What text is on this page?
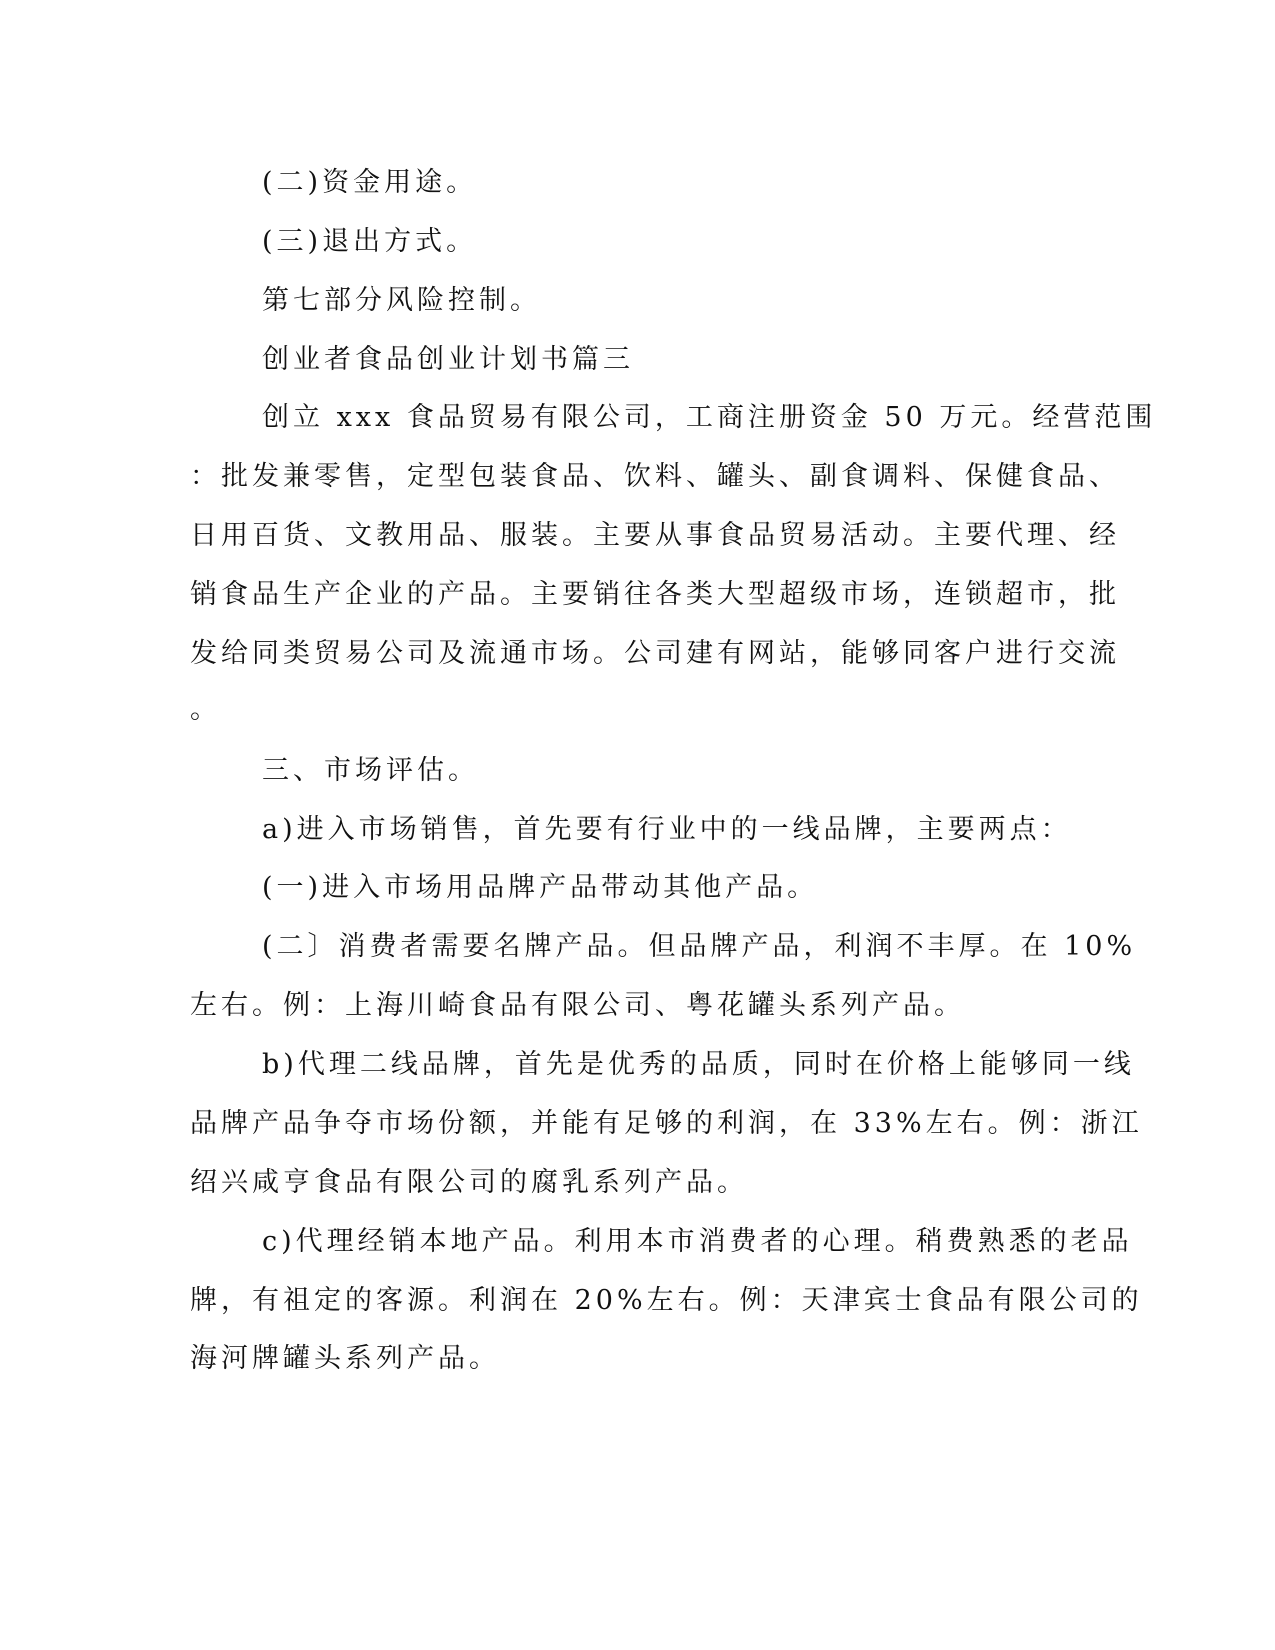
(二)资金用途。
(三)退出方式。
第七部分风险控制。
创业者食品创业计划书篇三
创立 xxx 食品贸易有限公司，工商注册资金 50 万元。经营范围
：批发兼零售，定型包装食品、饮料、罐头、副食调料、保健食品、
日用百货、文教用品、服装。主要从事食品贸易活动。主要代理、经
销食品生产企业的产品。主要销往各类大型超级市场，连锁超市，批
发给同类贸易公司及流通市场。公司建有网站，能够同客户进行交流
。
三、市场评估。
a)进入市场销售，首先要有行业中的一线品牌，主要两点：
(一)进入市场用品牌产品带动其他产品。
(二〕消费者需要名牌产品。但品牌产品，利润不丰厚。在 10%
左右。例：上海川崎食品有限公司、粤花罐头系列产品。
b)代理二线品牌，首先是优秀的品质，同时在价格上能够同一线
品牌产品争夺市场份额，并能有足够的利润，在 33%左右。例：浙江
绍兴咸亨食品有限公司的腐乳系列产品。
c)代理经销本地产品。利用本市消费者的心理。稍费熟悉的老品
牌，有祖定的客源。利润在 20%左右。例：天津宾士食品有限公司的
海河牌罐头系列产品。
